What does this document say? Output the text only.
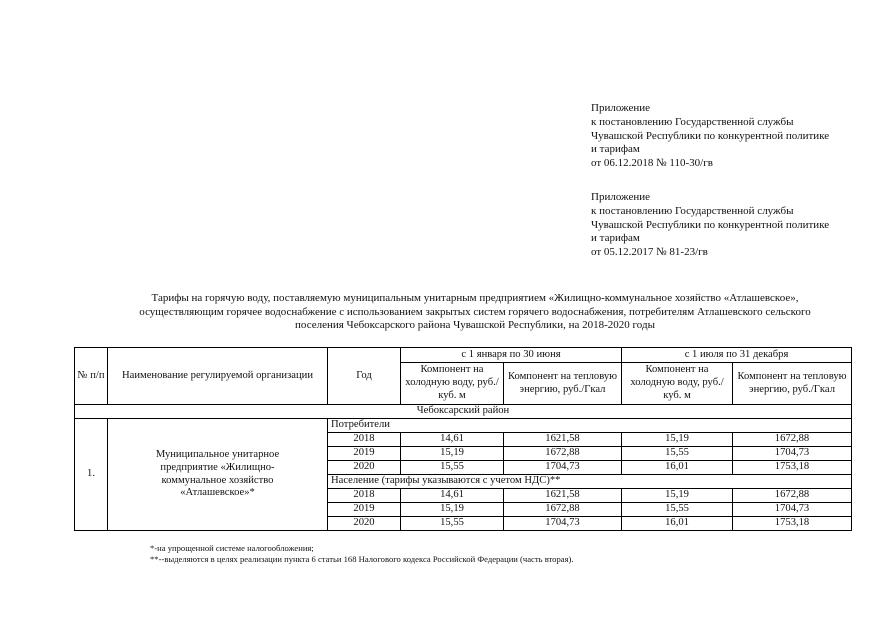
Приложение
к постановлению Государственной службы
Чувашской Республики по конкурентной политике
и тарифам
от 06.12.2018 № 110-30/гв
Приложение
к постановлению Государственной службы
Чувашской Республики по конкурентной политике
и тарифам
от 05.12.2017 № 81-23/гв
Тарифы на горячую воду, поставляемую муниципальным унитарным предприятием «Жилищно-коммунальное хозяйство «Атлашевское»,
осуществляющим горячее водоснабжение с использованием закрытых систем горячего водоснабжения, потребителям Атлашевского сельского
поселения Чебоксарского района Чувашской Республики, на 2018-2020 годы
№ п/п	Наименование регулируемой организации	Год	с 1 января по 30 июня		с 1 июля по 31 декабря	
			Компонент на холодную воду, руб./куб. м	Компонент на тепловую энергию, руб./Гкал	Компонент на холодную воду, руб./куб. м	Компонент на тепловую энергию, руб./Гкал
Чебоксарский район						
1.	Муниципальное унитарное предприятие «Жилищно-коммунальное хозяйство «Атлашевское»*	Потребители				
		2018	14,61	1621,58	15,19	1672,88
		2019	15,19	1672,88	15,55	1704,73
		2020	15,55	1704,73	16,01	1753,18
		Население (тарифы указываются с учетом НДС)**				
		2018	14,61	1621,58	15,19	1672,88
		2019	15,19	1672,88	15,55	1704,73
		2020	15,55	1704,73	16,01	1753,18
*-на упрощенной системе налогообложения;
**--выделяются в целях реализации пункта 6 статьи 168 Налогового кодекса Российской Федерации (часть вторая).
